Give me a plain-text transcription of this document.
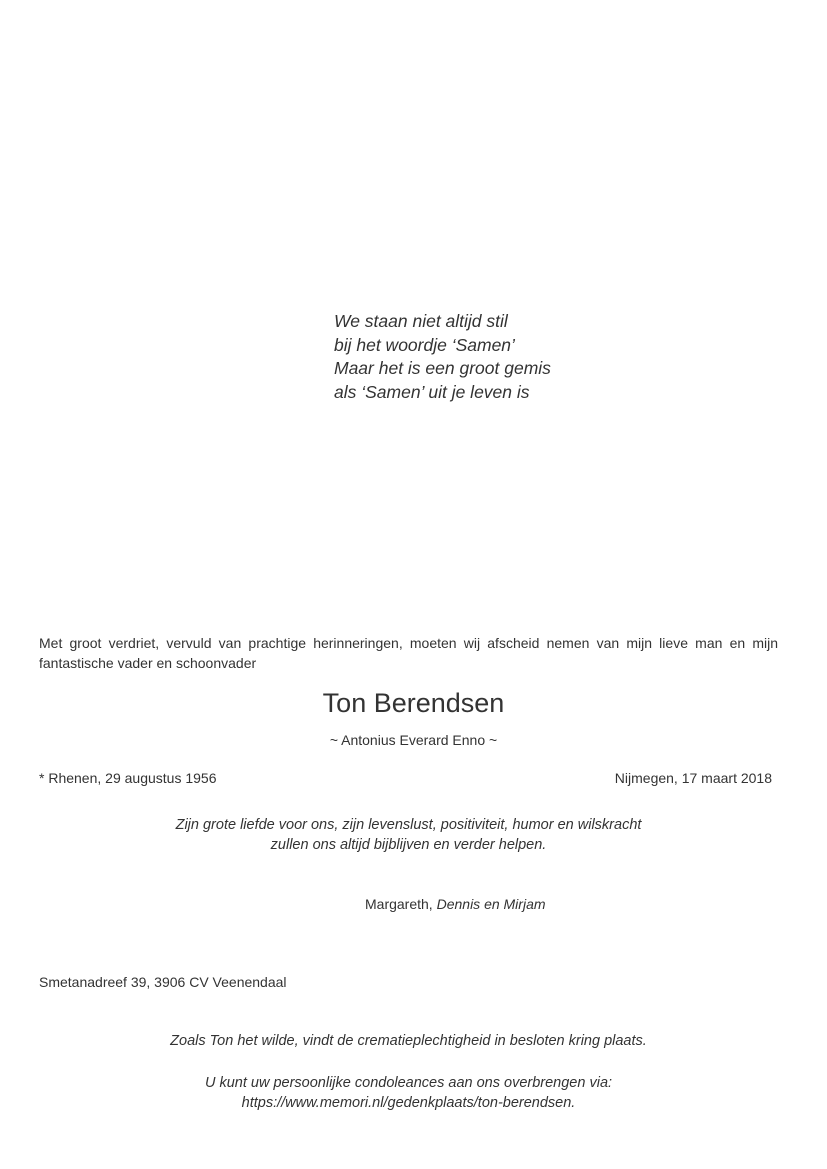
We staan niet altijd stil
bij het woordje ‘Samen’
Maar het is een groot gemis
als ‘Samen’ uit je leven is
Met groot verdriet, vervuld van prachtige herinneringen, moeten wij afscheid nemen van mijn lieve man en mijn fantastische vader en schoonvader
Ton Berendsen
~ Antonius Everard Enno ~
* Rhenen, 29 augustus 1956	Nijmegen, 17 maart 2018
Zijn grote liefde voor ons, zijn levenslust, positiviteit, humor en wilskracht
zullen ons altijd bijblijven en verder helpen.
Margareth, Dennis en Mirjam
Smetanadreef 39, 3906 CV Veenendaal
Zoals Ton het wilde, vindt de crematieplechtigheid in besloten kring plaats.
U kunt uw persoonlijke condoleances aan ons overbrengen via:
https://www.memori.nl/gedenkplaats/ton-berendsen.
